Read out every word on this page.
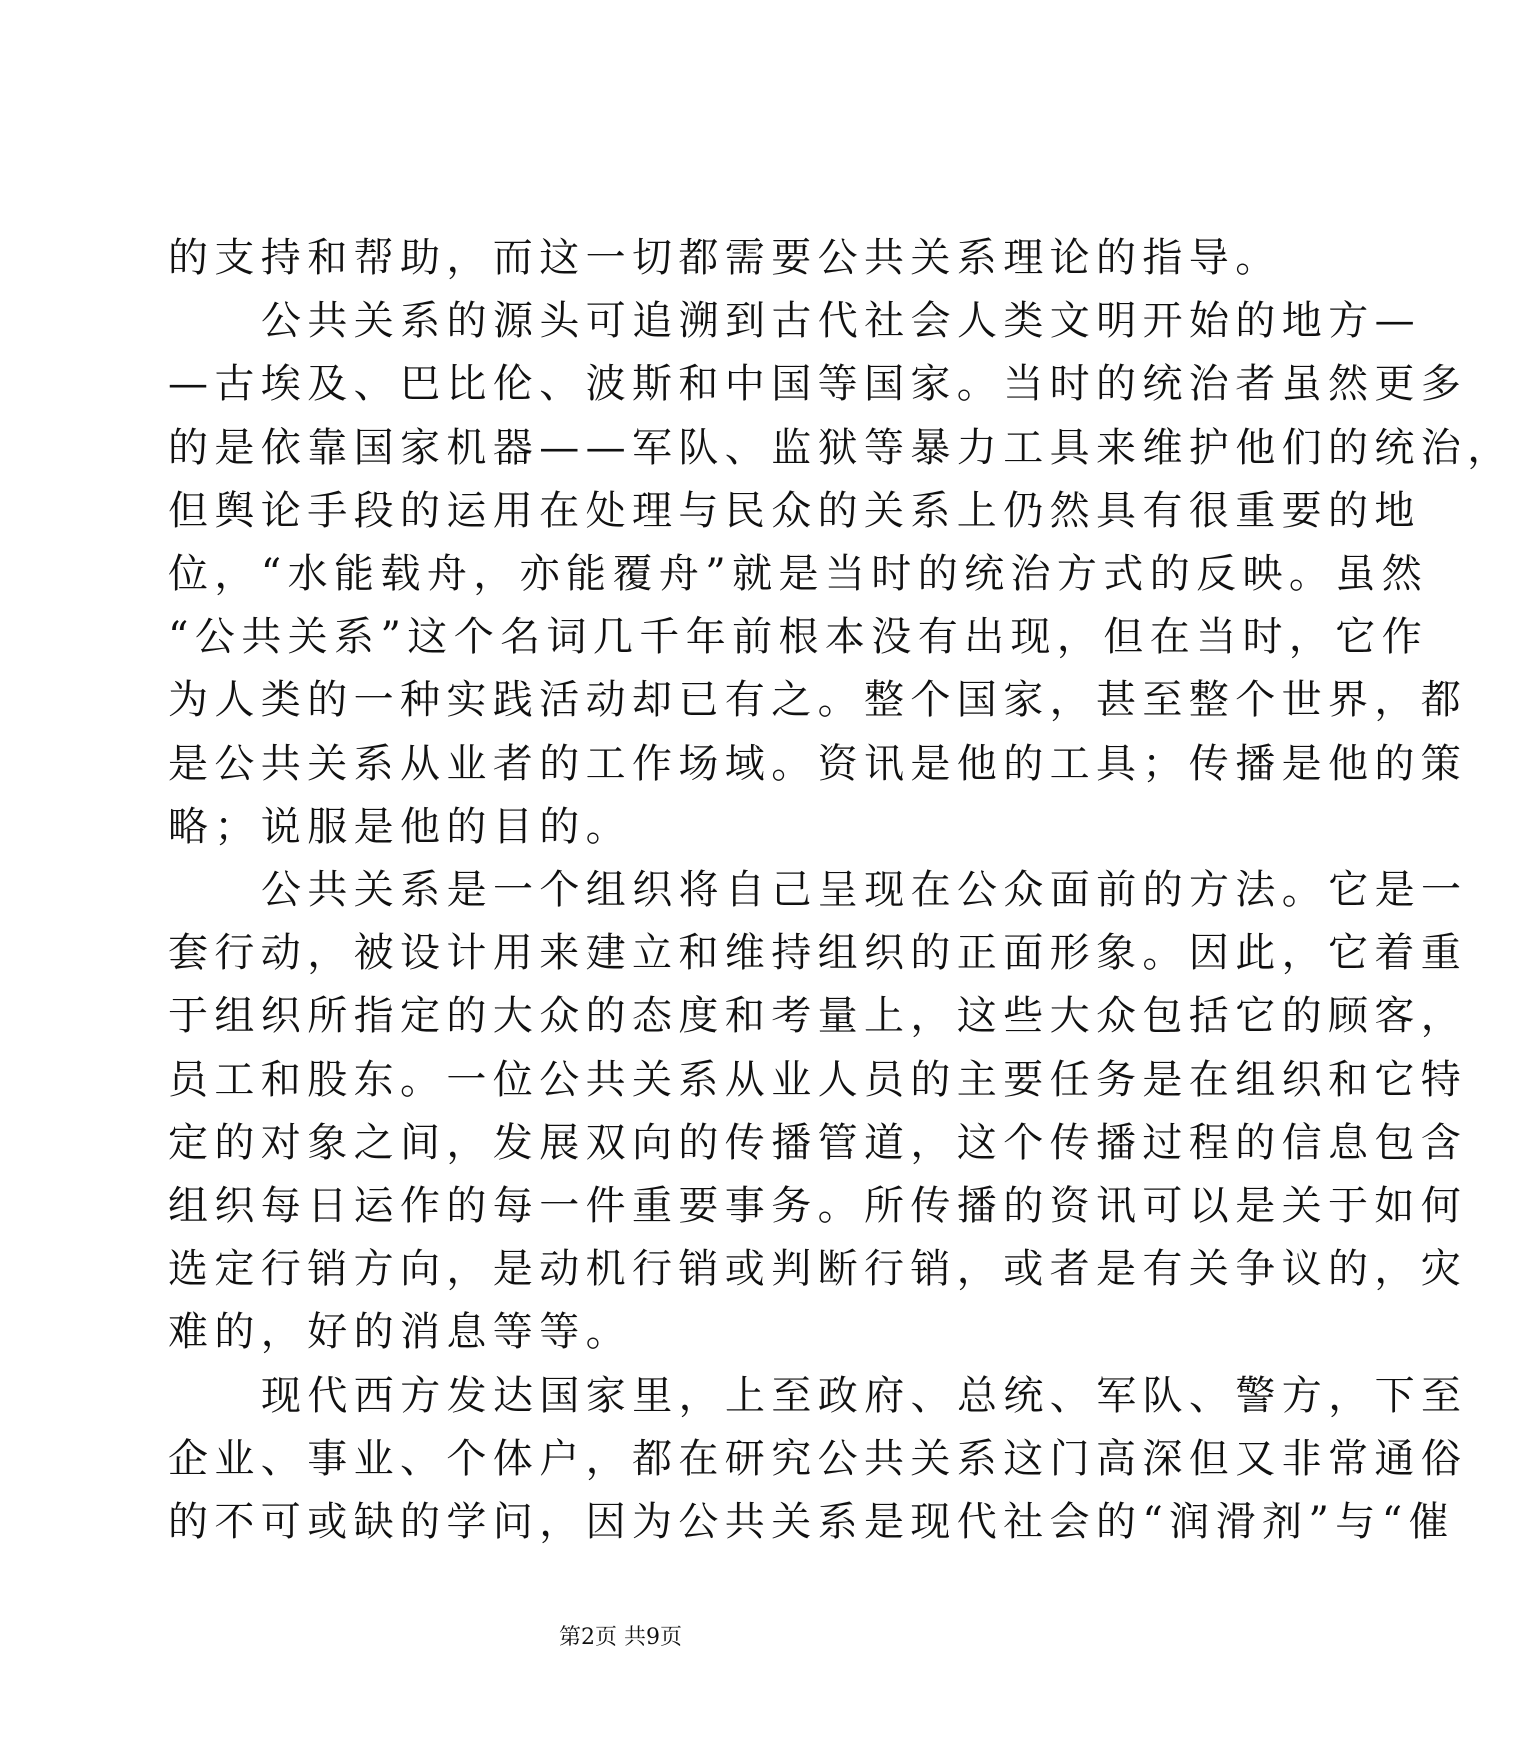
的支持和帮助，而这一切都需要公共关系理论的指导。
公共关系的源头可追溯到古代社会人类文明开始的地方—
—古埃及、巴比伦、波斯和中国等国家。当时的统治者虽然更多
的是依靠国家机器——军队、监狱等暴力工具来维护他们的统治，
但舆论手段的运用在处理与民众的关系上仍然具有很重要的地
位，“水能载舟，亦能覆舟”就是当时的统治方式的反映。虽然
“公共关系”这个名词几千年前根本没有出现，但在当时，它作
为人类的一种实践活动却已有之。整个国家，甚至整个世界，都
是公共关系从业者的工作场域。资讯是他的工具；传播是他的策
略；说服是他的目的。
公共关系是一个组织将自己呈现在公众面前的方法。它是一
套行动，被设计用来建立和维持组织的正面形象。因此，它着重
于组织所指定的大众的态度和考量上，这些大众包括它的顾客，
员工和股东。一位公共关系从业人员的主要任务是在组织和它特
定的对象之间，发展双向的传播管道，这个传播过程的信息包含
组织每日运作的每一件重要事务。所传播的资讯可以是关于如何
选定行销方向，是动机行销或判断行销，或者是有关争议的，灾
难的，好的消息等等。
现代西方发达国家里，上至政府、总统、军队、警方，下至
企业、事业、个体户，都在研究公共关系这门高深但又非常通俗
的不可或缺的学问，因为公共关系是现代社会的“润滑剂”与“催
第2页 共9页
